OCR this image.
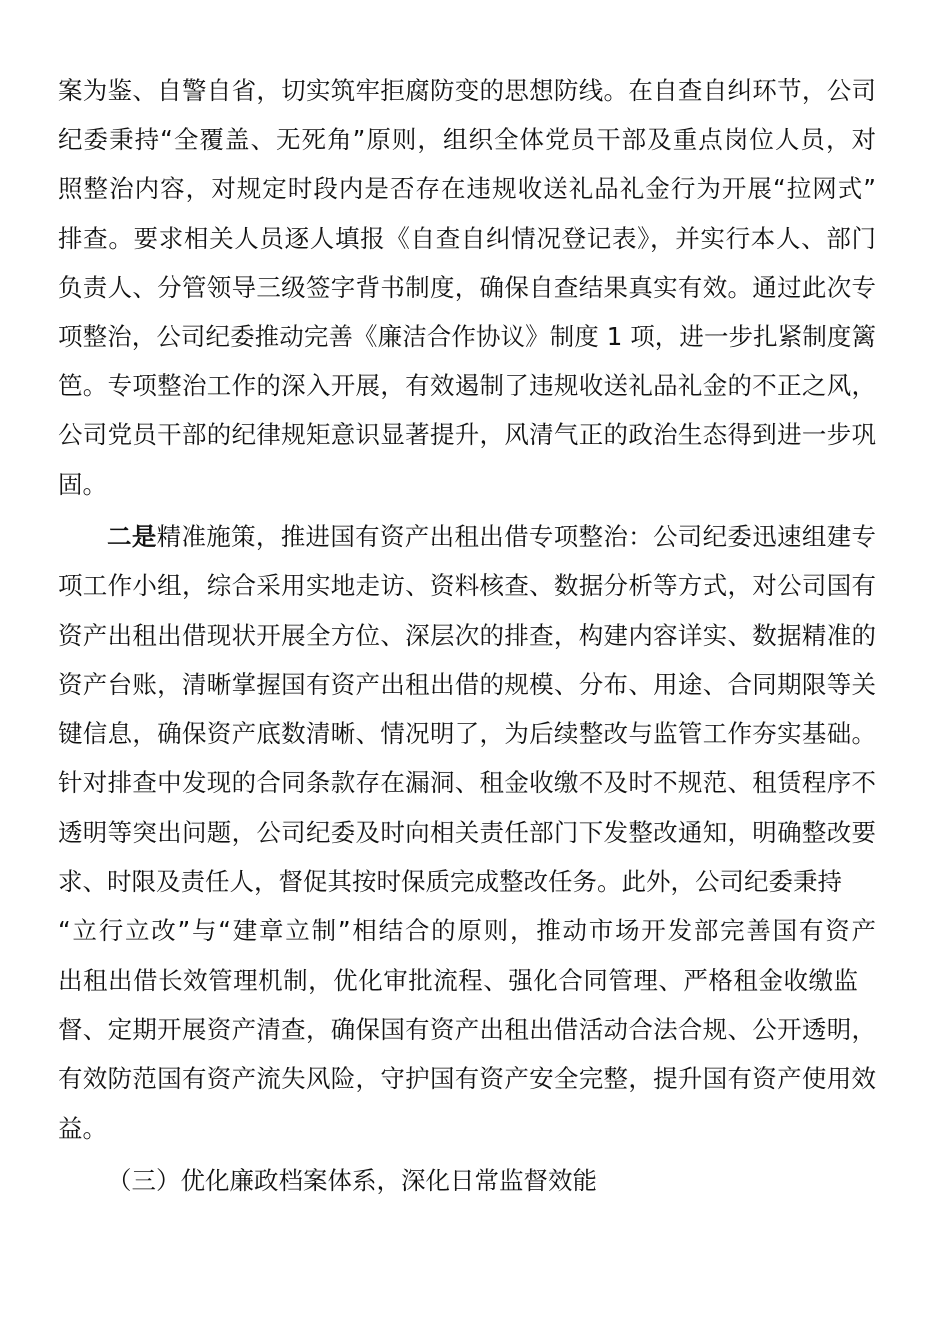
案为鉴、自警自省，切实筑牢拒腐防变的思想防线。在自查自纠环节，公司
纪委秉持“全覆盖、无死角”原则，组织全体党员干部及重点岗位人员，对
照整治内容，对规定时段内是否存在违规收送礼品礼金行为开展“拉网式”
排查。要求相关人员逐人填报《自查自纠情况登记表》，并实行本人、部门
负责人、分管领导三级签字背书制度，确保自查结果真实有效。通过此次专
项整治，公司纪委推动完善《廉洁合作协议》制度 1 项，进一步扎紧制度篱
笆。专项整治工作的深入开展，有效遏制了违规收送礼品礼金的不正之风，
公司党员干部的纪律规矩意识显著提升，风清气正的政治生态得到进一步巩
固。
二是精准施策，推进国有资产出租出借专项整治：公司纪委迅速组建专
项工作小组，综合采用实地走访、资料核查、数据分析等方式，对公司国有
资产出租出借现状开展全方位、深层次的排查，构建内容详实、数据精准的
资产台账，清晰掌握国有资产出租出借的规模、分布、用途、合同期限等关
键信息，确保资产底数清晰、情况明了，为后续整改与监管工作夯实基础。
针对排查中发现的合同条款存在漏洞、租金收缴不及时不规范、租赁程序不
透明等突出问题，公司纪委及时向相关责任部门下发整改通知，明确整改要
求、时限及责任人，督促其按时保质完成整改任务。此外，公司纪委秉持
“立行立改”与“建章立制”相结合的原则，推动市场开发部完善国有资产
出租出借长效管理机制，优化审批流程、强化合同管理、严格租金收缴监
督、定期开展资产清查，确保国有资产出租出借活动合法合规、公开透明，
有效防范国有资产流失风险，守护国有资产安全完整，提升国有资产使用效
益。
（三）优化廉政档案体系，深化日常监督效能
